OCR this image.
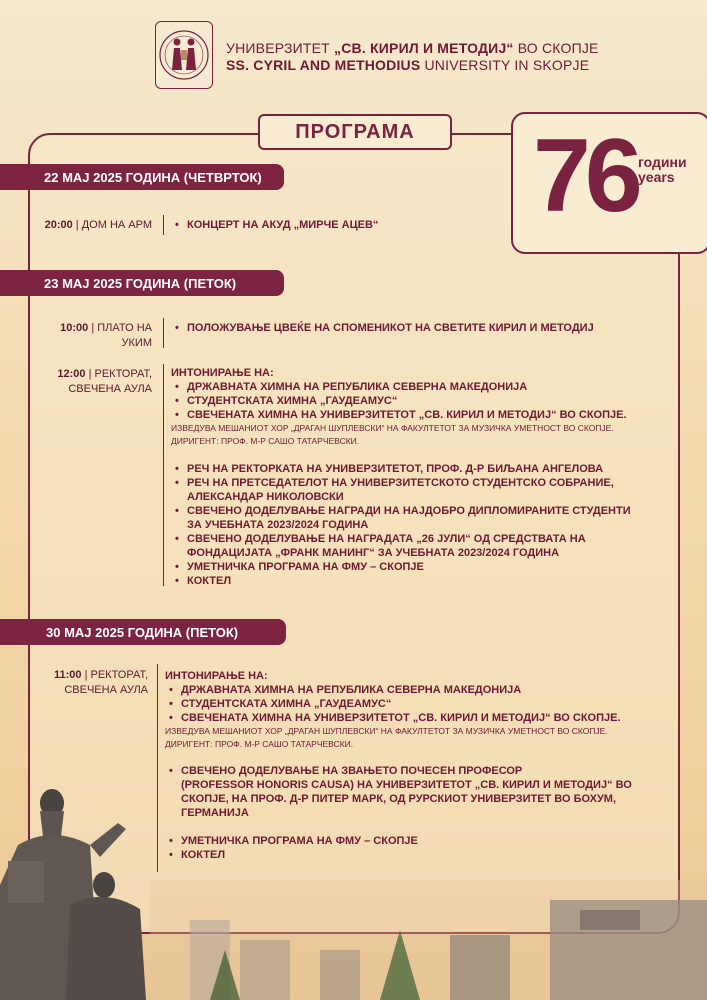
УНИВЕРЗИТЕТ „СВ. КИРИЛ И МЕТОДИЈ“ ВО СКОПЈЕ
SS. CYRIL AND METHODIUS UNIVERSITY IN SKOPJE
ПРОГРАМА	76 години
years
22 МАЈ 2025 ГОДИНА (ЧЕТВРТОК)
20:00 | ДОМ НА АРМ
•	КОНЦЕРТ НА АКУД „МИРЧЕ АЦЕВ“
23 МАЈ 2025 ГОДИНА (ПЕТОК)
10:00 | ПЛАТО НА
УКИМ
• ПОЛОЖУВАЊЕ ЦВЕЌЕ НА СПОМЕНИКОТ НА СВЕТИТЕ КИРИЛ И МЕТОДИЈ
12:00 | РЕКТОРАТ,
СВЕЧЕНА АУЛА
ИНТОНИРАЊЕ НА:
• ДРЖАВНАТА ХИМНА НА РЕПУБЛИКА СЕВЕРНА МАКЕДОНИЈА
• СТУДЕНТСКАТА ХИМНА „ГАУДЕАМУС“
• СВЕЧЕНАТА ХИМНА НА УНИВЕРЗИТЕТОТ „СВ. КИРИЛ И МЕТОДИЈ“ ВО СКОПЈЕ.
ИЗВЕДУВА МЕШАНИОТ ХОР „ДРАГАН ШУПЛЕВСКИ“ НА ФАКУЛТЕТОТ ЗА МУЗИЧКА УМЕТНОСТ ВО СКОПЈЕ.
ДИРИГЕНТ: ПРОФ. М-Р САШО ТАТАРЧЕВСКИ.
• РЕЧ НА РЕКТОРКАТА НА УНИВЕРЗИТЕТОТ, ПРОФ. Д-Р БИЉАНА АНГЕЛОВА
• РЕЧ НА ПРЕТСЕДАТЕЛОТ НА УНИВЕРЗИТЕТСКОТО СТУДЕНТСКО СОБРАНИЕ,
АЛЕКСАНДАР НИКОЛОВСКИ
• СВЕЧЕНО ДОДЕЛУВАЊЕ НАГРАДИ НА НАЈДОБРО ДИПЛОМИРАНИТЕ СТУДЕНТИ
ЗА УЧЕБНАТА 2023/2024 ГОДИНА
• СВЕЧЕНО ДОДЕЛУВАЊЕ НА НАГРАДАТА „26 ЈУЛИ“ ОД СРЕДСТВАТА НА
ФОНДАЦИЈАТА „ФРАНК МАНИНГ“ ЗА УЧЕБНАТА 2023/2024 ГОДИНА
• УМЕТНИЧКА ПРОГРАМА НА ФМУ – СКОПЈЕ
• КОКТЕЛ
30 МАЈ 2025 ГОДИНА (ПЕТОК)
11:00 | РЕКТОРАТ,
СВЕЧЕНА АУЛА
ИНТОНИРАЊЕ НА:
• ДРЖАВНАТА ХИМНА НА РЕПУБЛИКА СЕВЕРНА МАКЕДОНИЈА
• СТУДЕНТСКАТА ХИМНА „ГАУДЕАМУС“
• СВЕЧЕНАТА ХИМНА НА УНИВЕРЗИТЕТОТ „СВ. КИРИЛ И МЕТОДИЈ“ ВО СКОПЈЕ.
ИЗВЕДУВА МЕШАНИОТ ХОР „ДРАГАН ШУПЛЕВСКИ“ НА ФАКУЛТЕТОТ ЗА МУЗИЧКА УМЕТНОСТ ВО СКОПЈЕ.
ДИРИГЕНТ: ПРОФ. М-Р САШО ТАТАРЧЕВСКИ.
• СВЕЧЕНО ДОДЕЛУВАЊЕ НА ЗВАЊЕТО ПОЧЕСЕН ПРОФЕСОР
(PROFESSOR HONORIS CAUSA) НА УНИВЕРЗИТЕТОТ „СВ. КИРИЛ И МЕТОДИЈ“ ВО
СКОПЈЕ, НА ПРОФ. Д-Р ПИТЕР МАРК, ОД РУРСКИОТ УНИВЕРЗИТЕТ ВО БОХУМ,
ГЕРМАНИЈА
• УМЕТНИЧКА ПРОГРАМА НА ФМУ – СКОПЈЕ
• КОКТЕЛ
